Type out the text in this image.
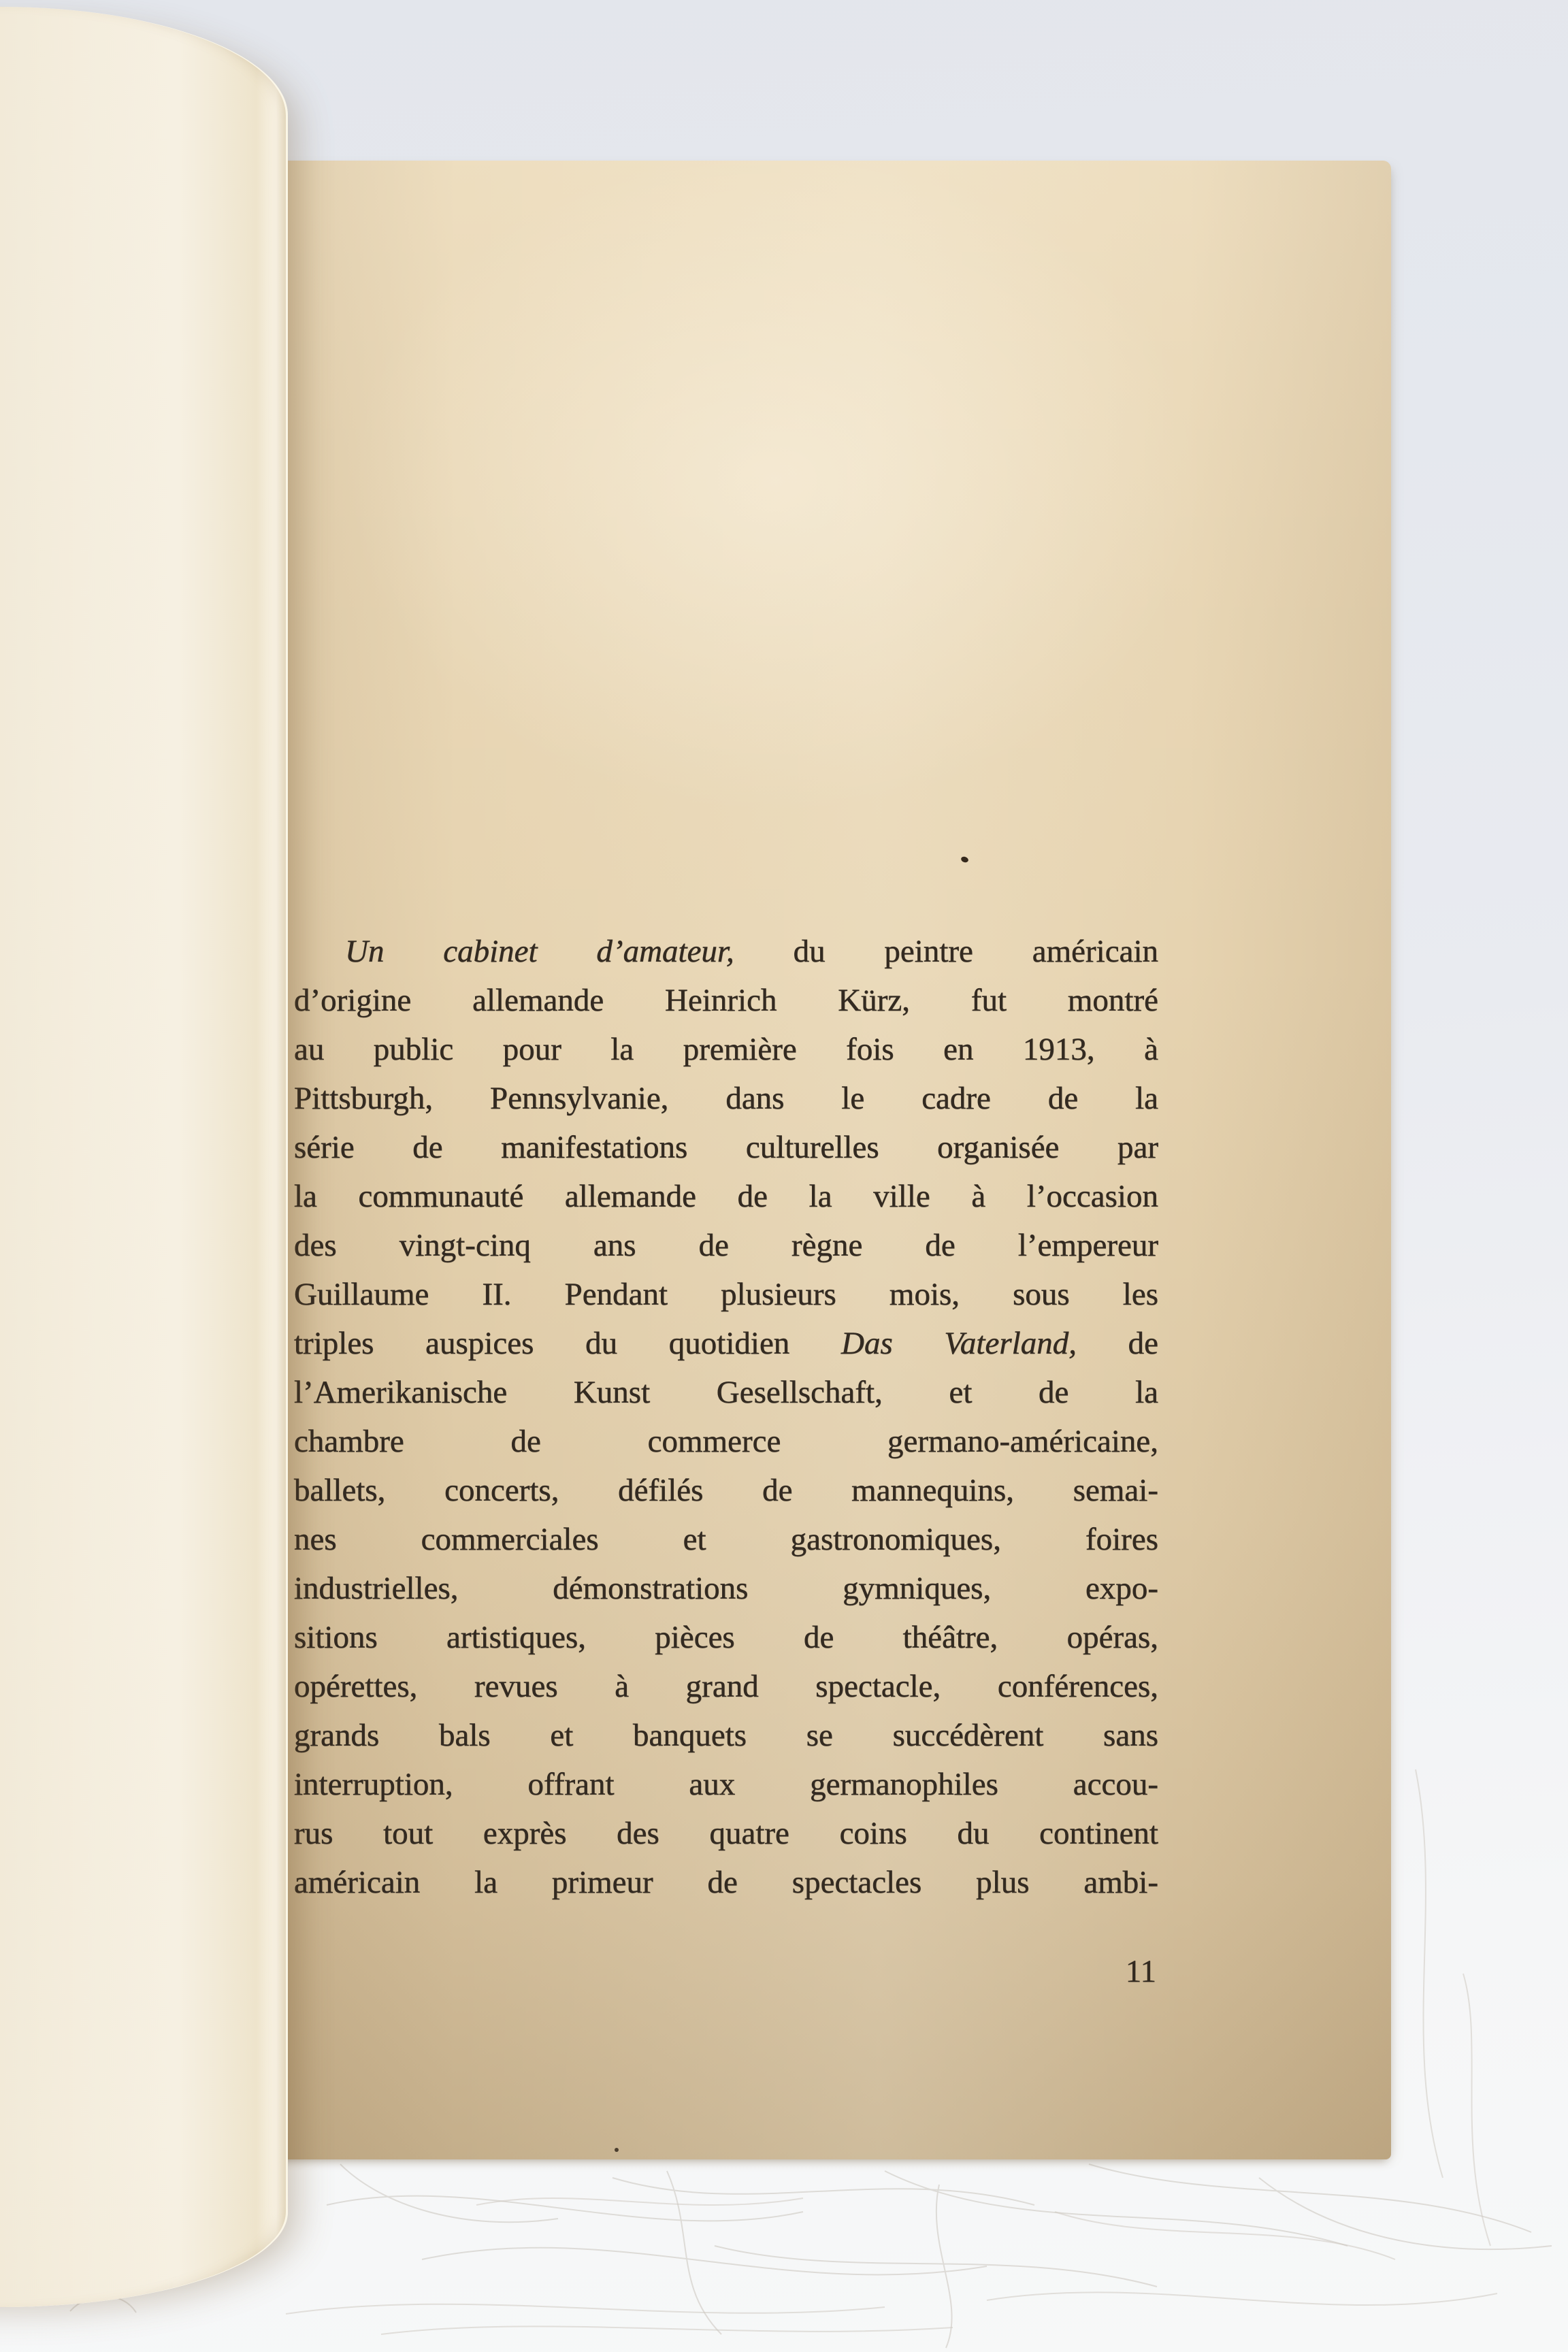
Un cabinet d’amateur, du peintre américain
d’origine allemande Heinrich Kürz, fut montré
au public pour la première fois en 1913, à
Pittsburgh, Pennsylvanie, dans le cadre de la
série de manifestations culturelles organisée par
la communauté allemande de la ville à l’occasion
des vingt-cinq ans de règne de l’empereur
Guillaume II. Pendant plusieurs mois, sous les
triples auspices du quotidien Das Vaterland, de
l’Amerikanische Kunst Gesellschaft, et de la
chambre de commerce germano-américaine,
ballets, concerts, défilés de mannequins, semai-
nes commerciales et gastronomiques, foires
industrielles, démonstrations gymniques, expo-
sitions artistiques, pièces de théâtre, opéras,
opérettes, revues à grand spectacle, conférences,
grands bals et banquets se succédèrent sans
interruption, offrant aux germanophiles accou-
rus tout exprès des quatre coins du continent
américain la primeur de spectacles plus ambi-
11
